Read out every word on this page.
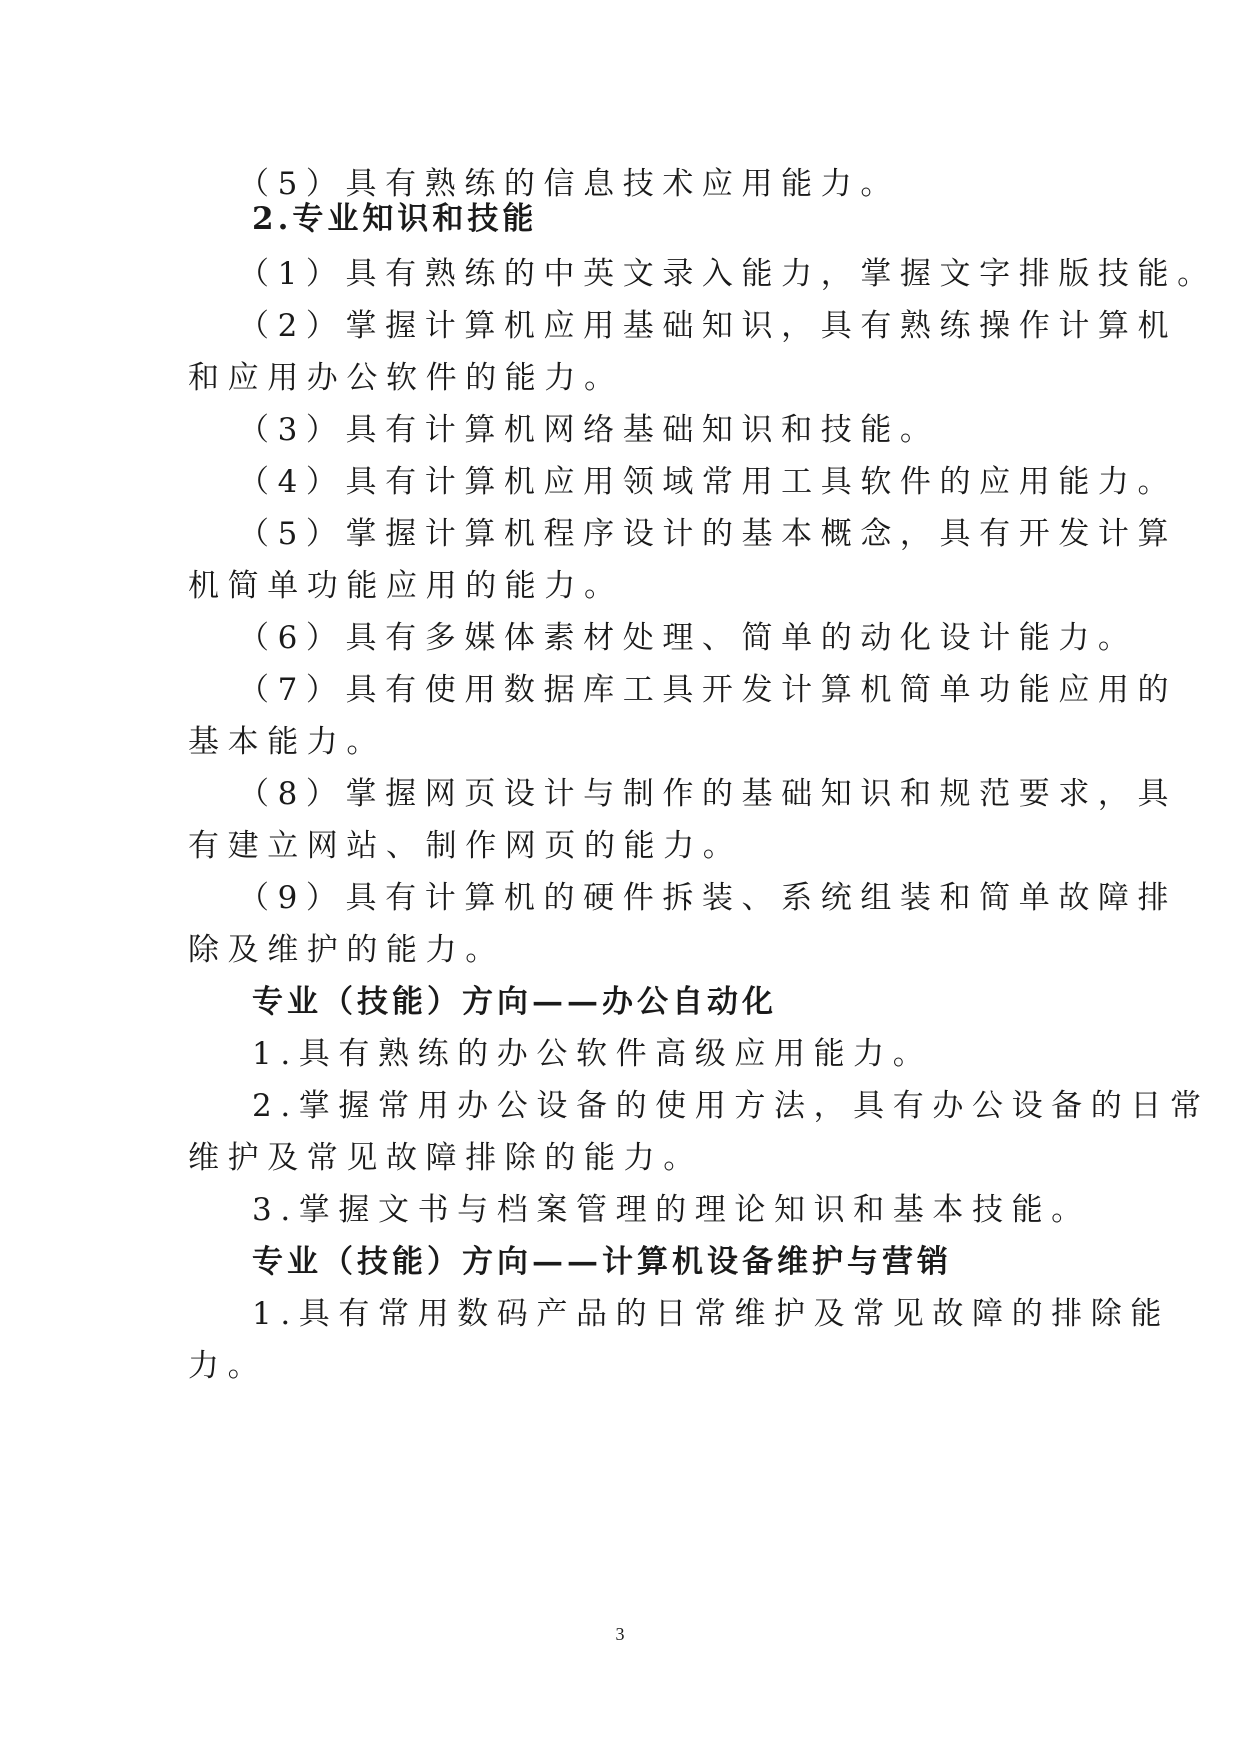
（5）具有熟练的信息技术应用能力。
2.专业知识和技能
（1）具有熟练的中英文录入能力，掌握文字排版技能。
（2）掌握计算机应用基础知识，具有熟练操作计算机
和应用办公软件的能力。
（3）具有计算机网络基础知识和技能。
（4）具有计算机应用领域常用工具软件的应用能力。
（5）掌握计算机程序设计的基本概念，具有开发计算
机简单功能应用的能力。
（6）具有多媒体素材处理、简单的动化设计能力。
（7）具有使用数据库工具开发计算机简单功能应用的
基本能力。
（8）掌握网页设计与制作的基础知识和规范要求，具
有建立网站、制作网页的能力。
（9）具有计算机的硬件拆装、系统组装和简单故障排
除及维护的能力。
专业（技能）方向——办公自动化
1.具有熟练的办公软件高级应用能力。
2.掌握常用办公设备的使用方法，具有办公设备的日常
维护及常见故障排除的能力。
3.掌握文书与档案管理的理论知识和基本技能。
专业（技能）方向——计算机设备维护与营销
1.具有常用数码产品的日常维护及常见故障的排除能
力。
3
